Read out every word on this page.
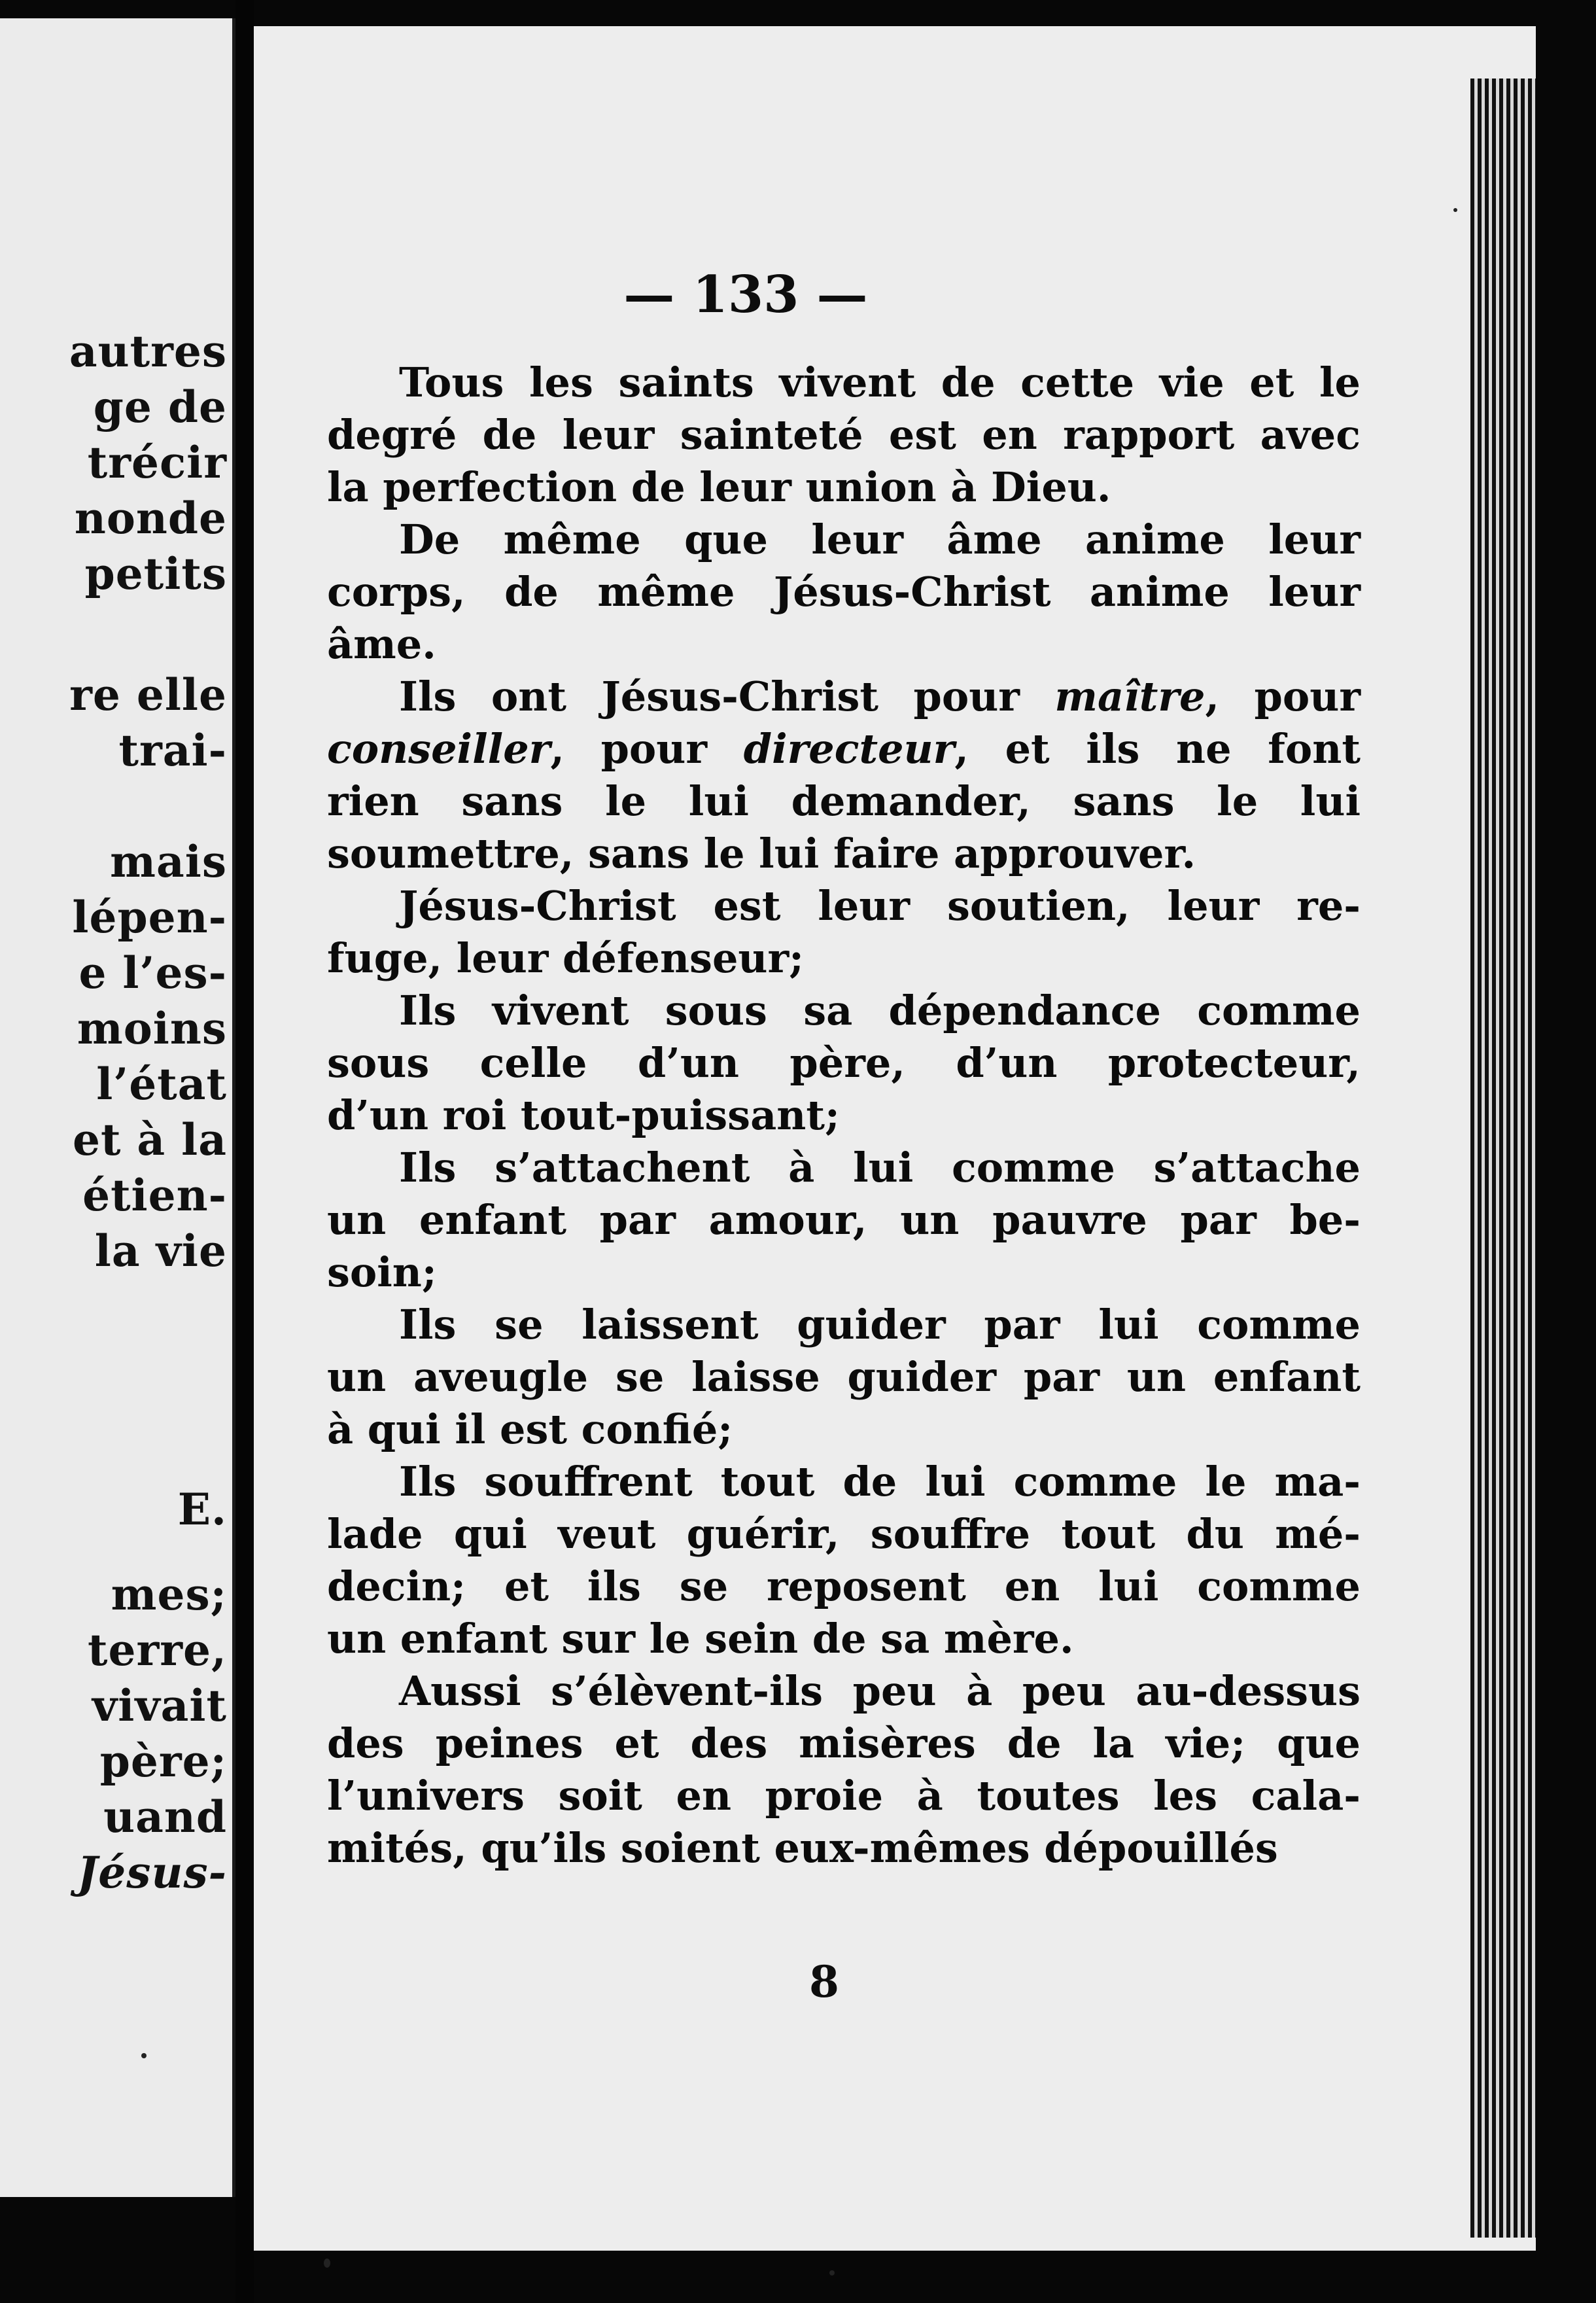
autres
ge de
trécir
nonde
petits
re elle
trai-
mais
lépen-
e l’es-
moins
l’état
et à la
étien-
la vie
E.
mes;
terre,
vivait
père;
uand
Jésus-
— 133 —
Tous les saints vivent de cette vie et le
degré de leur sainteté est en rapport avec
la perfection de leur union à Dieu.
De même que leur âme anime leur
corps, de même Jésus-Christ anime leur
âme.
Ils ont Jésus-Christ pour maître, pour
conseiller, pour directeur, et ils ne font
rien sans le lui demander, sans le lui
soumettre, sans le lui faire approuver.
Jésus-Christ est leur soutien, leur re-
fuge, leur défenseur;
Ils vivent sous sa dépendance comme
sous celle d’un père, d’un protecteur,
d’un roi tout-puissant;
Ils s’attachent à lui comme s’attache
un enfant par amour, un pauvre par be-
soin;
Ils se laissent guider par lui comme
un aveugle se laisse guider par un enfant
à qui il est confié;
Ils souffrent tout de lui comme le ma-
lade qui veut guérir, souffre tout du mé-
decin; et ils se reposent en lui comme
un enfant sur le sein de sa mère.
Aussi s’élèvent-ils peu à peu au-dessus
des peines et des misères de la vie; que
l’univers soit en proie à toutes les cala-
mités, qu’ils soient eux-mêmes dépouillés
8
